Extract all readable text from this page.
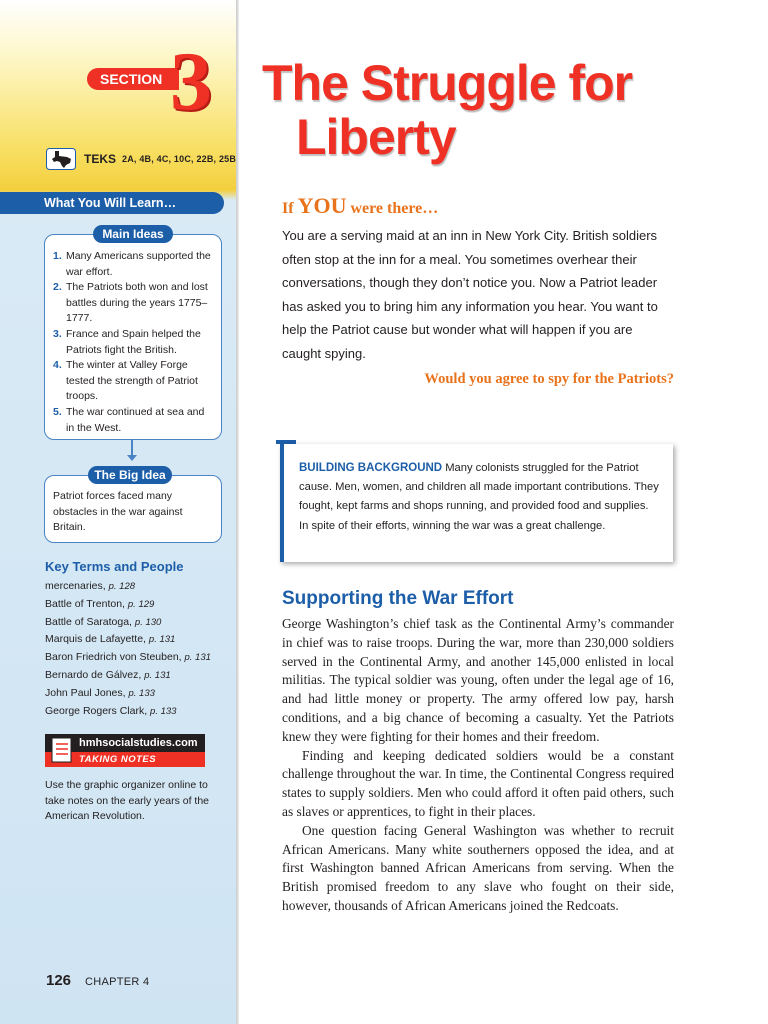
SECTION 3
TEKS 2A, 4B, 4C, 10C, 22B, 25B
What You Will Learn…
1. Many Americans supported the war effort.
2. The Patriots both won and lost battles during the years 1775–1777.
3. France and Spain helped the Patriots fight the British.
4. The winter at Valley Forge tested the strength of Patriot troops.
5. The war continued at sea and in the West.
Main Ideas
Patriot forces faced many obstacles in the war against Britain.
The Big Idea
Key Terms and People
mercenaries, p. 128
Battle of Trenton, p. 129
Battle of Saratoga, p. 130
Marquis de Lafayette, p. 131
Baron Friedrich von Steuben, p. 131
Bernardo de Gálvez, p. 131
John Paul Jones, p. 133
George Rogers Clark, p. 133
hmhsocialstudies.com
TAKING NOTES
Use the graphic organizer online to take notes on the early years of the American Revolution.
126 CHAPTER 4
The Struggle for
Liberty
If YOU were there…
You are a serving maid at an inn in New York City. British soldiers often stop at the inn for a meal. You sometimes overhear their conversations, though they don’t notice you. Now a Patriot leader has asked you to bring him any information you hear. You want to help the Patriot cause but wonder what will happen if you are caught spying.
Would you agree to spy for the Patriots?
BUILDING BACKGROUND Many colonists struggled for the Patriot cause. Men, women, and children all made important contributions. They fought, kept farms and shops running, and provided food and supplies. In spite of their efforts, winning the war was a great challenge.
Supporting the War Effort

George Washington’s chief task as the Continental Army’s commander in chief was to raise troops. During the war, more than 230,000 soldiers served in the Continental Army, and another 145,000 enlisted in local militias. The typical soldier was young, often under the legal age of 16, and had little money or property. The army offered low pay, harsh conditions, and a big chance of becoming a casualty. Yet the Patriots knew they were fighting for their homes and their freedom.

Finding and keeping dedicated soldiers would be a constant challenge throughout the war. In time, the Continental Congress required states to supply soldiers. Men who could afford it often paid others, such as slaves or apprentices, to fight in their places.

One question facing General Washington was whether to recruit African Americans. Many white southerners opposed the idea, and at first Washington banned African Americans from serving. When the British promised freedom to any slave who fought on their side, however, thousands of African Americans joined the Redcoats.
